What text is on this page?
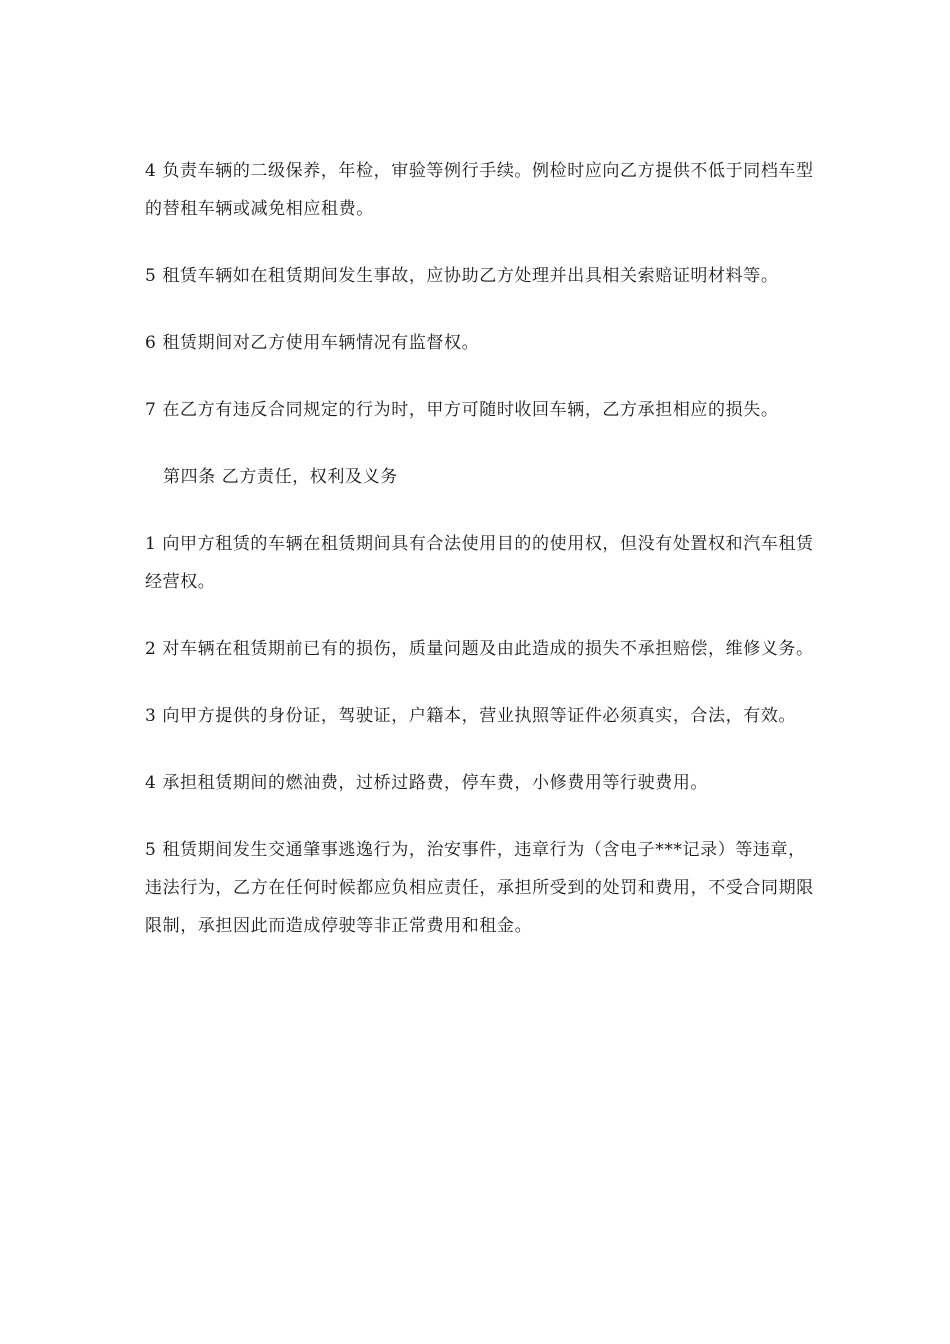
4 负责车辆的二级保养，年检，审验等例行手续。例检时应向乙方提供不低于同档车型的替租车辆或减免相应租费。

5 租赁车辆如在租赁期间发生事故，应协助乙方处理并出具相关索赔证明材料等。

6 租赁期间对乙方使用车辆情况有监督权。

7 在乙方有违反合同规定的行为时，甲方可随时收回车辆，乙方承担相应的损失。

第四条 乙方责任，权利及义务

1 向甲方租赁的车辆在租赁期间具有合法使用目的的使用权，但没有处置权和汽车租赁经营权。

2 对车辆在租赁期前已有的损伤，质量问题及由此造成的损失不承担赔偿，维修义务。

3 向甲方提供的身份证，驾驶证，户籍本，营业执照等证件必须真实，合法，有效。

4 承担租赁期间的燃油费，过桥过路费，停车费，小修费用等行驶费用。

5 租赁期间发生交通肇事逃逸行为，治安事件，违章行为（含电子***记录）等违章，违法行为，乙方在任何时候都应负相应责任，承担所受到的处罚和费用，不受合同期限限制，承担因此而造成停驶等非正常费用和租金。
